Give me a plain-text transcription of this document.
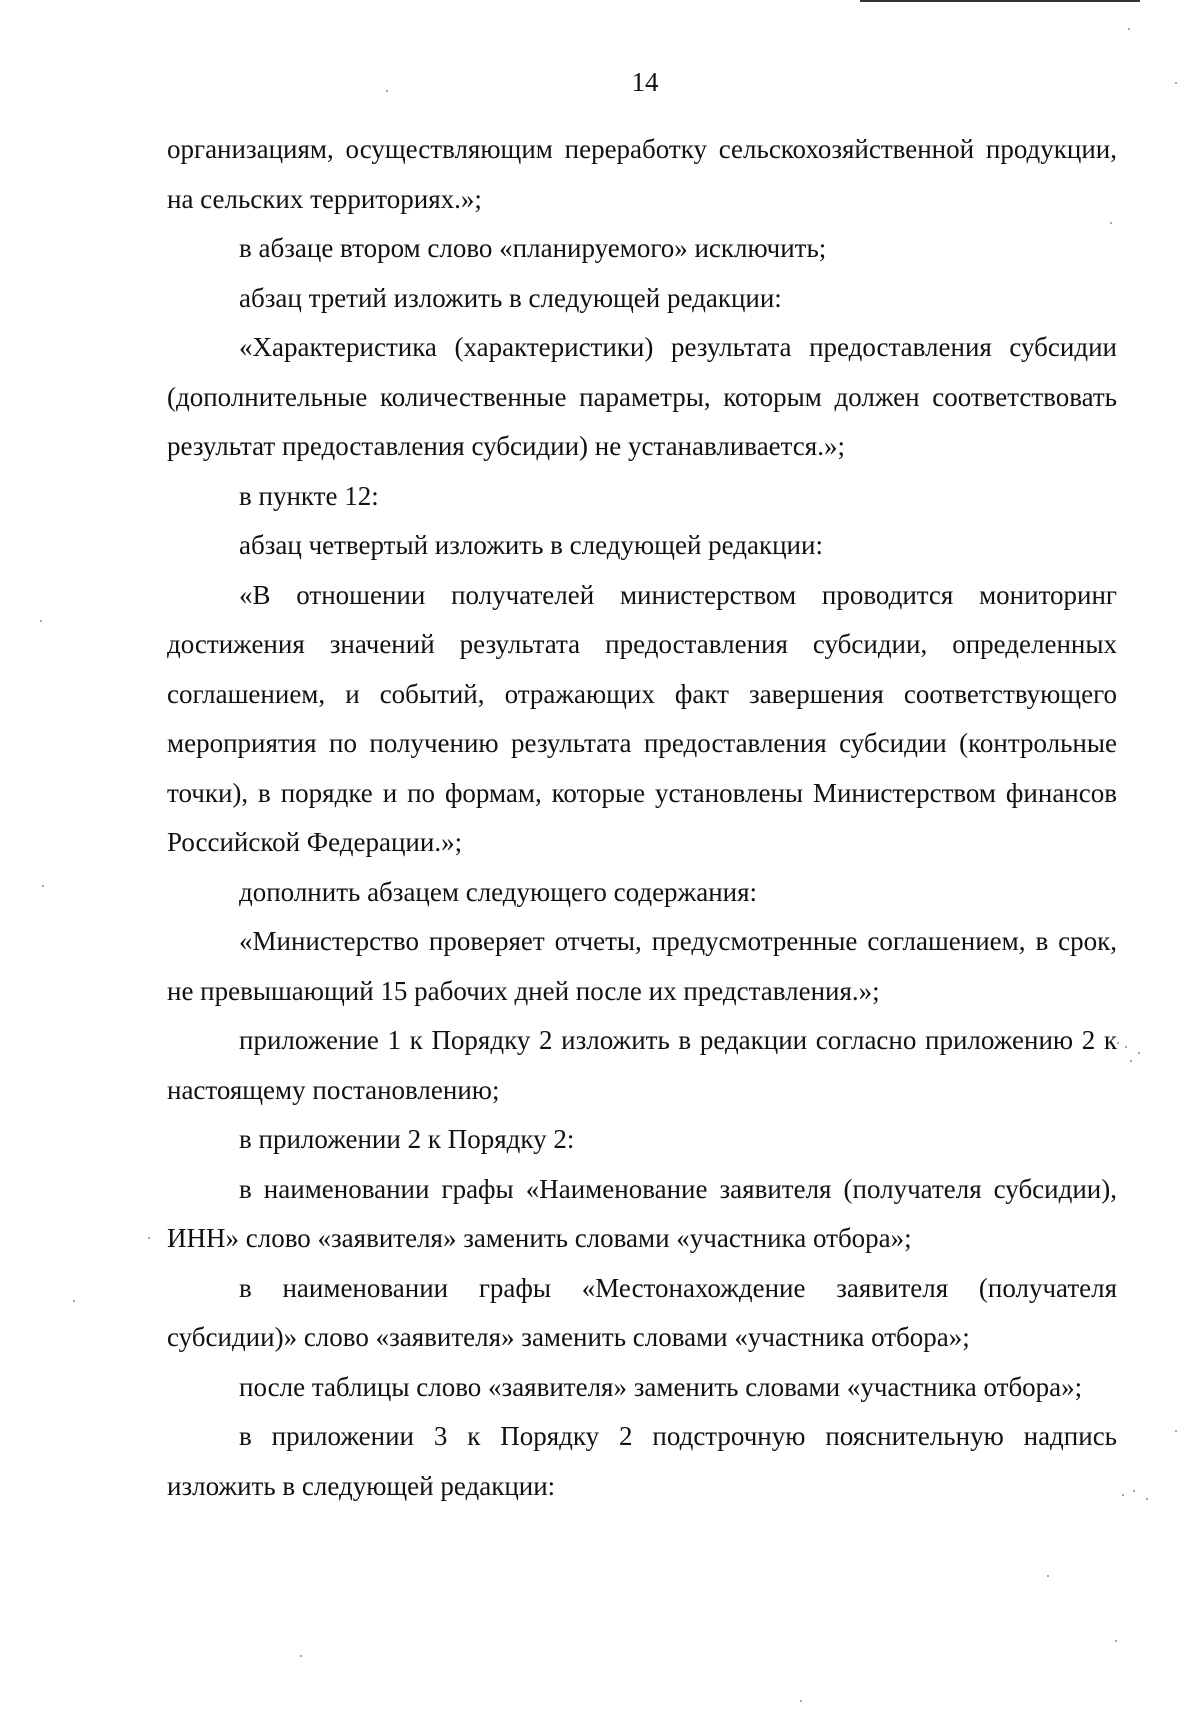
14

организациям, осуществляющим переработку сельскохозяйственной продукции, на сельских территориях.»;

в абзаце втором слово «планируемого» исключить;

абзац третий изложить в следующей редакции:

«Характеристика (характеристики) результата предоставления субсидии (дополнительные количественные параметры, которым должен соответствовать результат предоставления субсидии) не устанавливается.»;

в пункте 12:

абзац четвертый изложить в следующей редакции:

«В отношении получателей министерством проводится мониторинг достижения значений результата предоставления субсидии, определенных соглашением, и событий, отражающих факт завершения соответствующего мероприятия по получению результата предоставления субсидии (контрольные точки), в порядке и по формам, которые установлены Министерством финансов Российской Федерации.»;

дополнить абзацем следующего содержания:

«Министерство проверяет отчеты, предусмотренные соглашением, в срок, не превышающий 15 рабочих дней после их представления.»;

приложение 1 к Порядку 2 изложить в редакции согласно приложению 2 к настоящему постановлению;

в приложении 2 к Порядку 2:

в наименовании графы «Наименование заявителя (получателя субсидии), ИНН» слово «заявителя» заменить словами «участника отбора»;

в наименовании графы «Местонахождение заявителя (получателя субсидии)» слово «заявителя» заменить словами «участника отбора»;

после таблицы слово «заявителя» заменить словами «участника отбора»;

в приложении 3 к Порядку 2 подстрочную пояснительную надпись изложить в следующей редакции:
